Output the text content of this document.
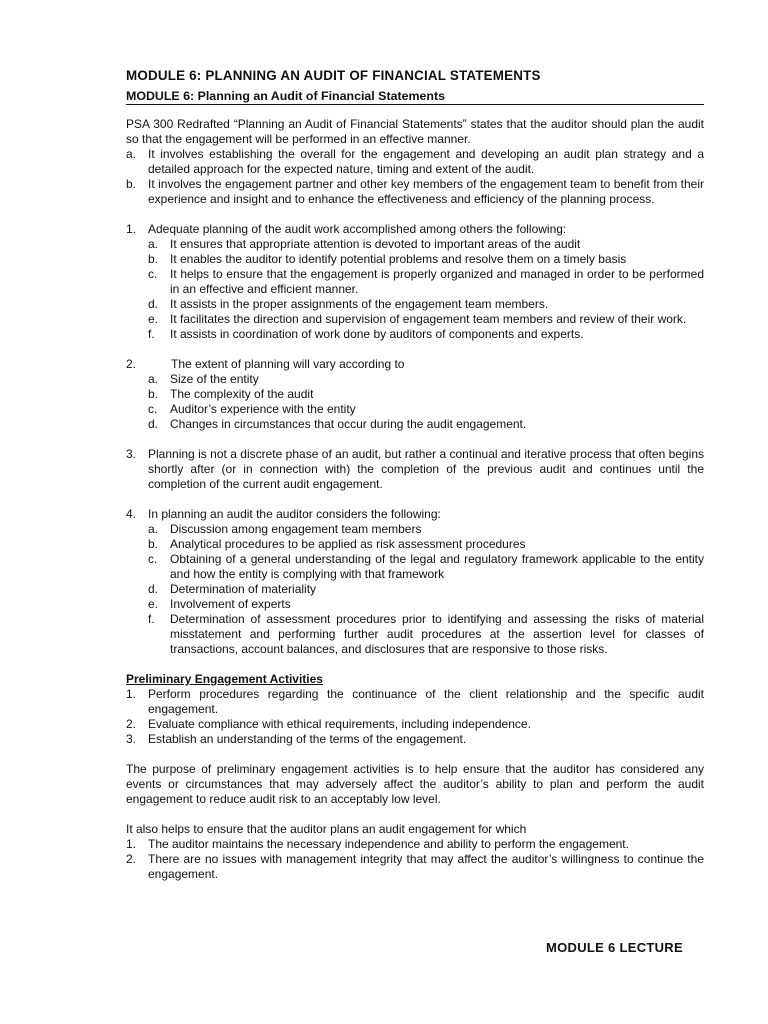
MODULE 6: PLANNING AN AUDIT OF FINANCIAL STATEMENTS
MODULE 6: Planning an Audit of Financial Statements

PSA 300 Redrafted “Planning an Audit of Financial Statements” states that the auditor should plan the audit so that the engagement will be performed in an effective manner.

a. It involves establishing the overall for the engagement and developing an audit plan strategy and a detailed approach for the expected nature, timing and extent of the audit.
b. It involves the engagement partner and other key members of the engagement team to benefit from their experience and insight and to enhance the effectiveness and efficiency of the planning process.
1. Adequate planning of the audit work accomplished among others the following:
a. It ensures that appropriate attention is devoted to important areas of the audit
b. It enables the auditor to identify potential problems and resolve them on a timely basis
c.	It helps to ensure that the engagement is properly organized and managed in order to be performed in an effective and efficient manner.
d. It assists in the proper assignments of the engagement team members.
e. It facilitates the direction and supervision of engagement team members and review of their work.
f.	It assists in coordination of work done by auditors of components and experts.
2.	The extent of planning will vary according to
a. Size of the entity
b. The complexity of the audit
c.	Auditor’s experience with the entity
d. Changes in circumstances that occur during the audit engagement.
3. Planning is not a discrete phase of an audit, but rather a continual and iterative process that often begins shortly after (or in connection with) the completion of the previous audit and continues until the completion of the current audit engagement.
4. In planning an audit the auditor considers the following:
a. Discussion among engagement team members
b. Analytical procedures to be applied as risk assessment procedures
c.	Obtaining of a general understanding of the legal and regulatory framework applicable to the entity and how the entity is complying with that framework
d. Determination of materiality
e. Involvement of experts
f.	Determination of assessment procedures prior to identifying and assessing the risks of material misstatement and performing further audit procedures at the assertion level for classes of transactions, account balances, and disclosures that are responsive to those risks.
Preliminary Engagement Activities
1. Perform procedures regarding the continuance of the client relationship and the specific audit engagement.
2. Evaluate compliance with ethical requirements, including independence.
3. Establish an understanding of the terms of the engagement.

The purpose of preliminary engagement activities is to help ensure that the auditor has considered any events or circumstances that may adversely affect the auditor’s ability to plan and perform the audit engagement to reduce audit risk to an acceptably low level.

It also helps to ensure that the auditor plans an audit engagement for which

1. The auditor maintains the necessary independence and ability to perform the engagement.
2. There are no issues with management integrity that may affect the auditor’s willingness to continue the engagement.
MODULE 6 LECTURE
